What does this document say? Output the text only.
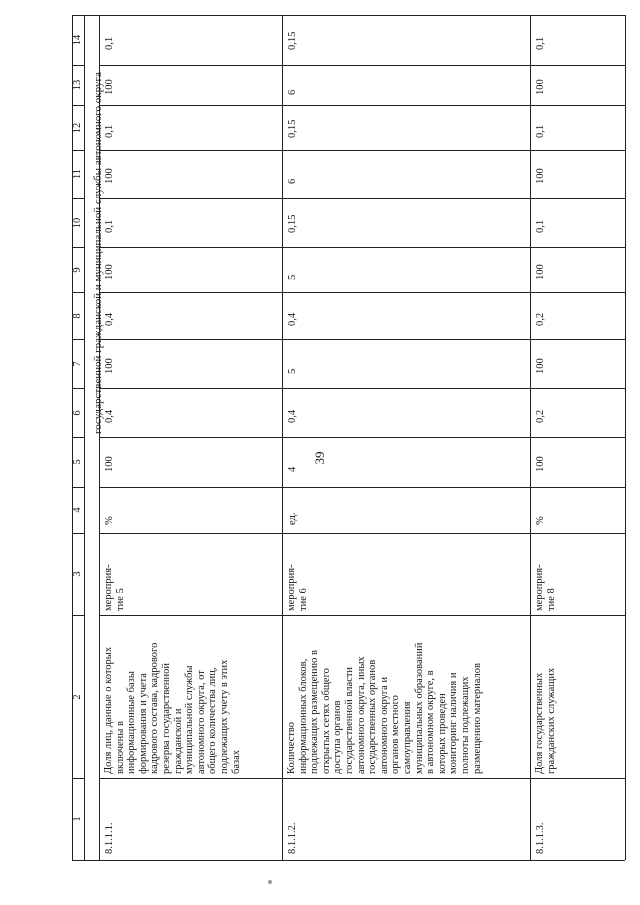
39
1
2
3
4
5
6
7
8
9
10
11
12
13
14
государственной гражданской и муниципальной службы автономного округа
8.1.1.1.
Доля лиц, данные о которых включены в информационные базы формирования и учета кадрового состава, кадрового резерва государственной гражданской и муниципальной службы автономного округа, от общего количества лиц, подлежащих учету в этих базах
мероприя- тие 5
%
100
0,4
100
0,4
100
0,1
100
0,1
100
0,1
8.1.1.2.
Количество информационных блоков, подлежащих размещению в открытых сетях общего доступа органов государственной власти автономного округа, иных государственных органов автономного округа и органов местного самоуправления муниципальных образований в автономном округе, в которых проведен мониторинг наличия и полноты подлежащих размещению материалов
мероприя- тие 6
ед.
4
0,4
5
0,4
5
0,15
6
0,15
6
0,15
8.1.1.3.
Доля государственных гражданских служащих
мероприя- тие 8
%
100
0,2
100
0,2
100
0,1
100
0,1
100
0,1
